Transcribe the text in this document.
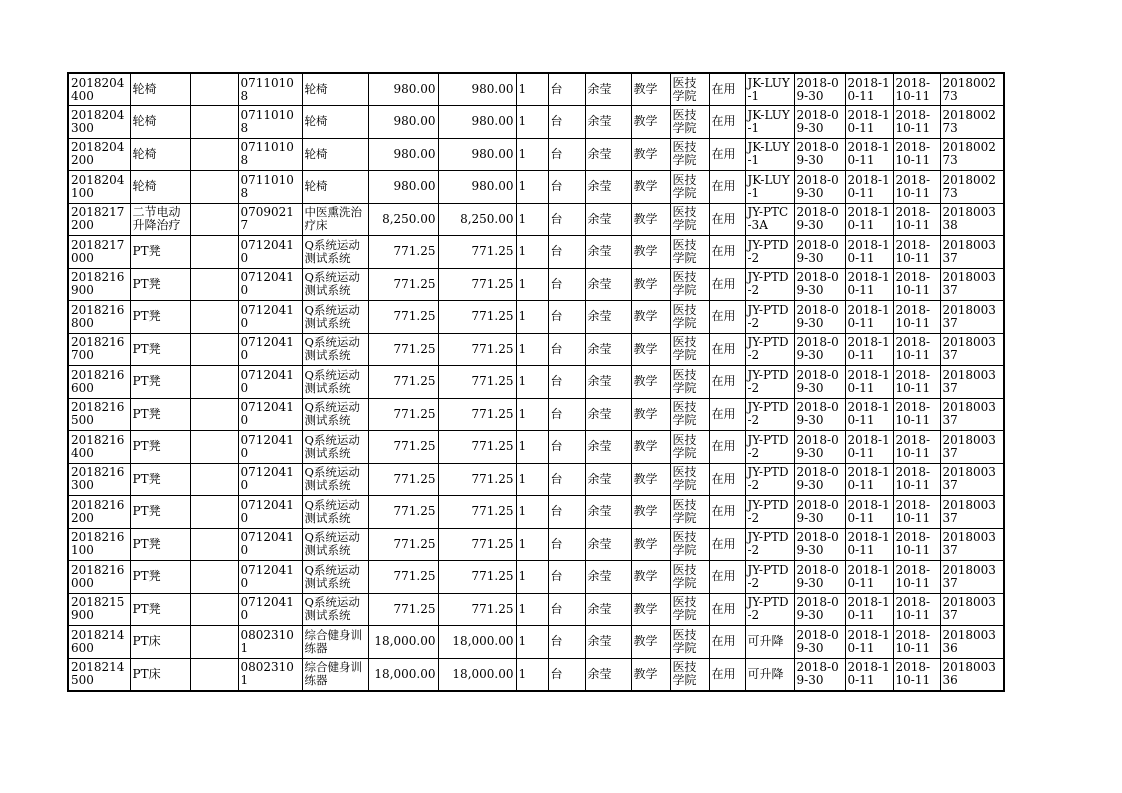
2018204400	轮椅		07110108	轮椅	980.00	980.00	1	台	余莹	教学	医技学院	在用	JK-LUY-1	2018-09-30	2018-10-11	2018-10-11	201800273
2018204300	轮椅		07110108	轮椅	980.00	980.00	1	台	余莹	教学	医技学院	在用	JK-LUY-1	2018-09-30	2018-10-11	2018-10-11	201800273
2018204200	轮椅		07110108	轮椅	980.00	980.00	1	台	余莹	教学	医技学院	在用	JK-LUY-1	2018-09-30	2018-10-11	2018-10-11	201800273
2018204100	轮椅		07110108	轮椅	980.00	980.00	1	台	余莹	教学	医技学院	在用	JK-LUY-1	2018-09-30	2018-10-11	2018-10-11	201800273
2018217200	二节电动升降治疗		07090217	中医熏洗治疗床	8,250.00	8,250.00	1	台	余莹	教学	医技学院	在用	JY-PTC-3A	2018-09-30	2018-10-11	2018-10-11	201800338
2018217000	PT凳		07120410	Q系统运动测试系统	771.25	771.25	1	台	余莹	教学	医技学院	在用	JY-PTD-2	2018-09-30	2018-10-11	2018-10-11	201800337
2018216900	PT凳		07120410	Q系统运动测试系统	771.25	771.25	1	台	余莹	教学	医技学院	在用	JY-PTD-2	2018-09-30	2018-10-11	2018-10-11	201800337
2018216800	PT凳		07120410	Q系统运动测试系统	771.25	771.25	1	台	余莹	教学	医技学院	在用	JY-PTD-2	2018-09-30	2018-10-11	2018-10-11	201800337
2018216700	PT凳		07120410	Q系统运动测试系统	771.25	771.25	1	台	余莹	教学	医技学院	在用	JY-PTD-2	2018-09-30	2018-10-11	2018-10-11	201800337
2018216600	PT凳		07120410	Q系统运动测试系统	771.25	771.25	1	台	余莹	教学	医技学院	在用	JY-PTD-2	2018-09-30	2018-10-11	2018-10-11	201800337
2018216500	PT凳		07120410	Q系统运动测试系统	771.25	771.25	1	台	余莹	教学	医技学院	在用	JY-PTD-2	2018-09-30	2018-10-11	2018-10-11	201800337
2018216400	PT凳		07120410	Q系统运动测试系统	771.25	771.25	1	台	余莹	教学	医技学院	在用	JY-PTD-2	2018-09-30	2018-10-11	2018-10-11	201800337
2018216300	PT凳		07120410	Q系统运动测试系统	771.25	771.25	1	台	余莹	教学	医技学院	在用	JY-PTD-2	2018-09-30	2018-10-11	2018-10-11	201800337
2018216200	PT凳		07120410	Q系统运动测试系统	771.25	771.25	1	台	余莹	教学	医技学院	在用	JY-PTD-2	2018-09-30	2018-10-11	2018-10-11	201800337
2018216100	PT凳		07120410	Q系统运动测试系统	771.25	771.25	1	台	余莹	教学	医技学院	在用	JY-PTD-2	2018-09-30	2018-10-11	2018-10-11	201800337
2018216000	PT凳		07120410	Q系统运动测试系统	771.25	771.25	1	台	余莹	教学	医技学院	在用	JY-PTD-2	2018-09-30	2018-10-11	2018-10-11	201800337
2018215900	PT凳		07120410	Q系统运动测试系统	771.25	771.25	1	台	余莹	教学	医技学院	在用	JY-PTD-2	2018-09-30	2018-10-11	2018-10-11	201800337
2018214600	PT床		08023101	综合健身训练器	18,000.00	18,000.00	1	台	余莹	教学	医技学院	在用	可升降	2018-09-30	2018-10-11	2018-10-11	201800336
2018214500	PT床		08023101	综合健身训练器	18,000.00	18,000.00	1	台	余莹	教学	医技学院	在用	可升降	2018-09-30	2018-10-11	2018-10-11	201800336
